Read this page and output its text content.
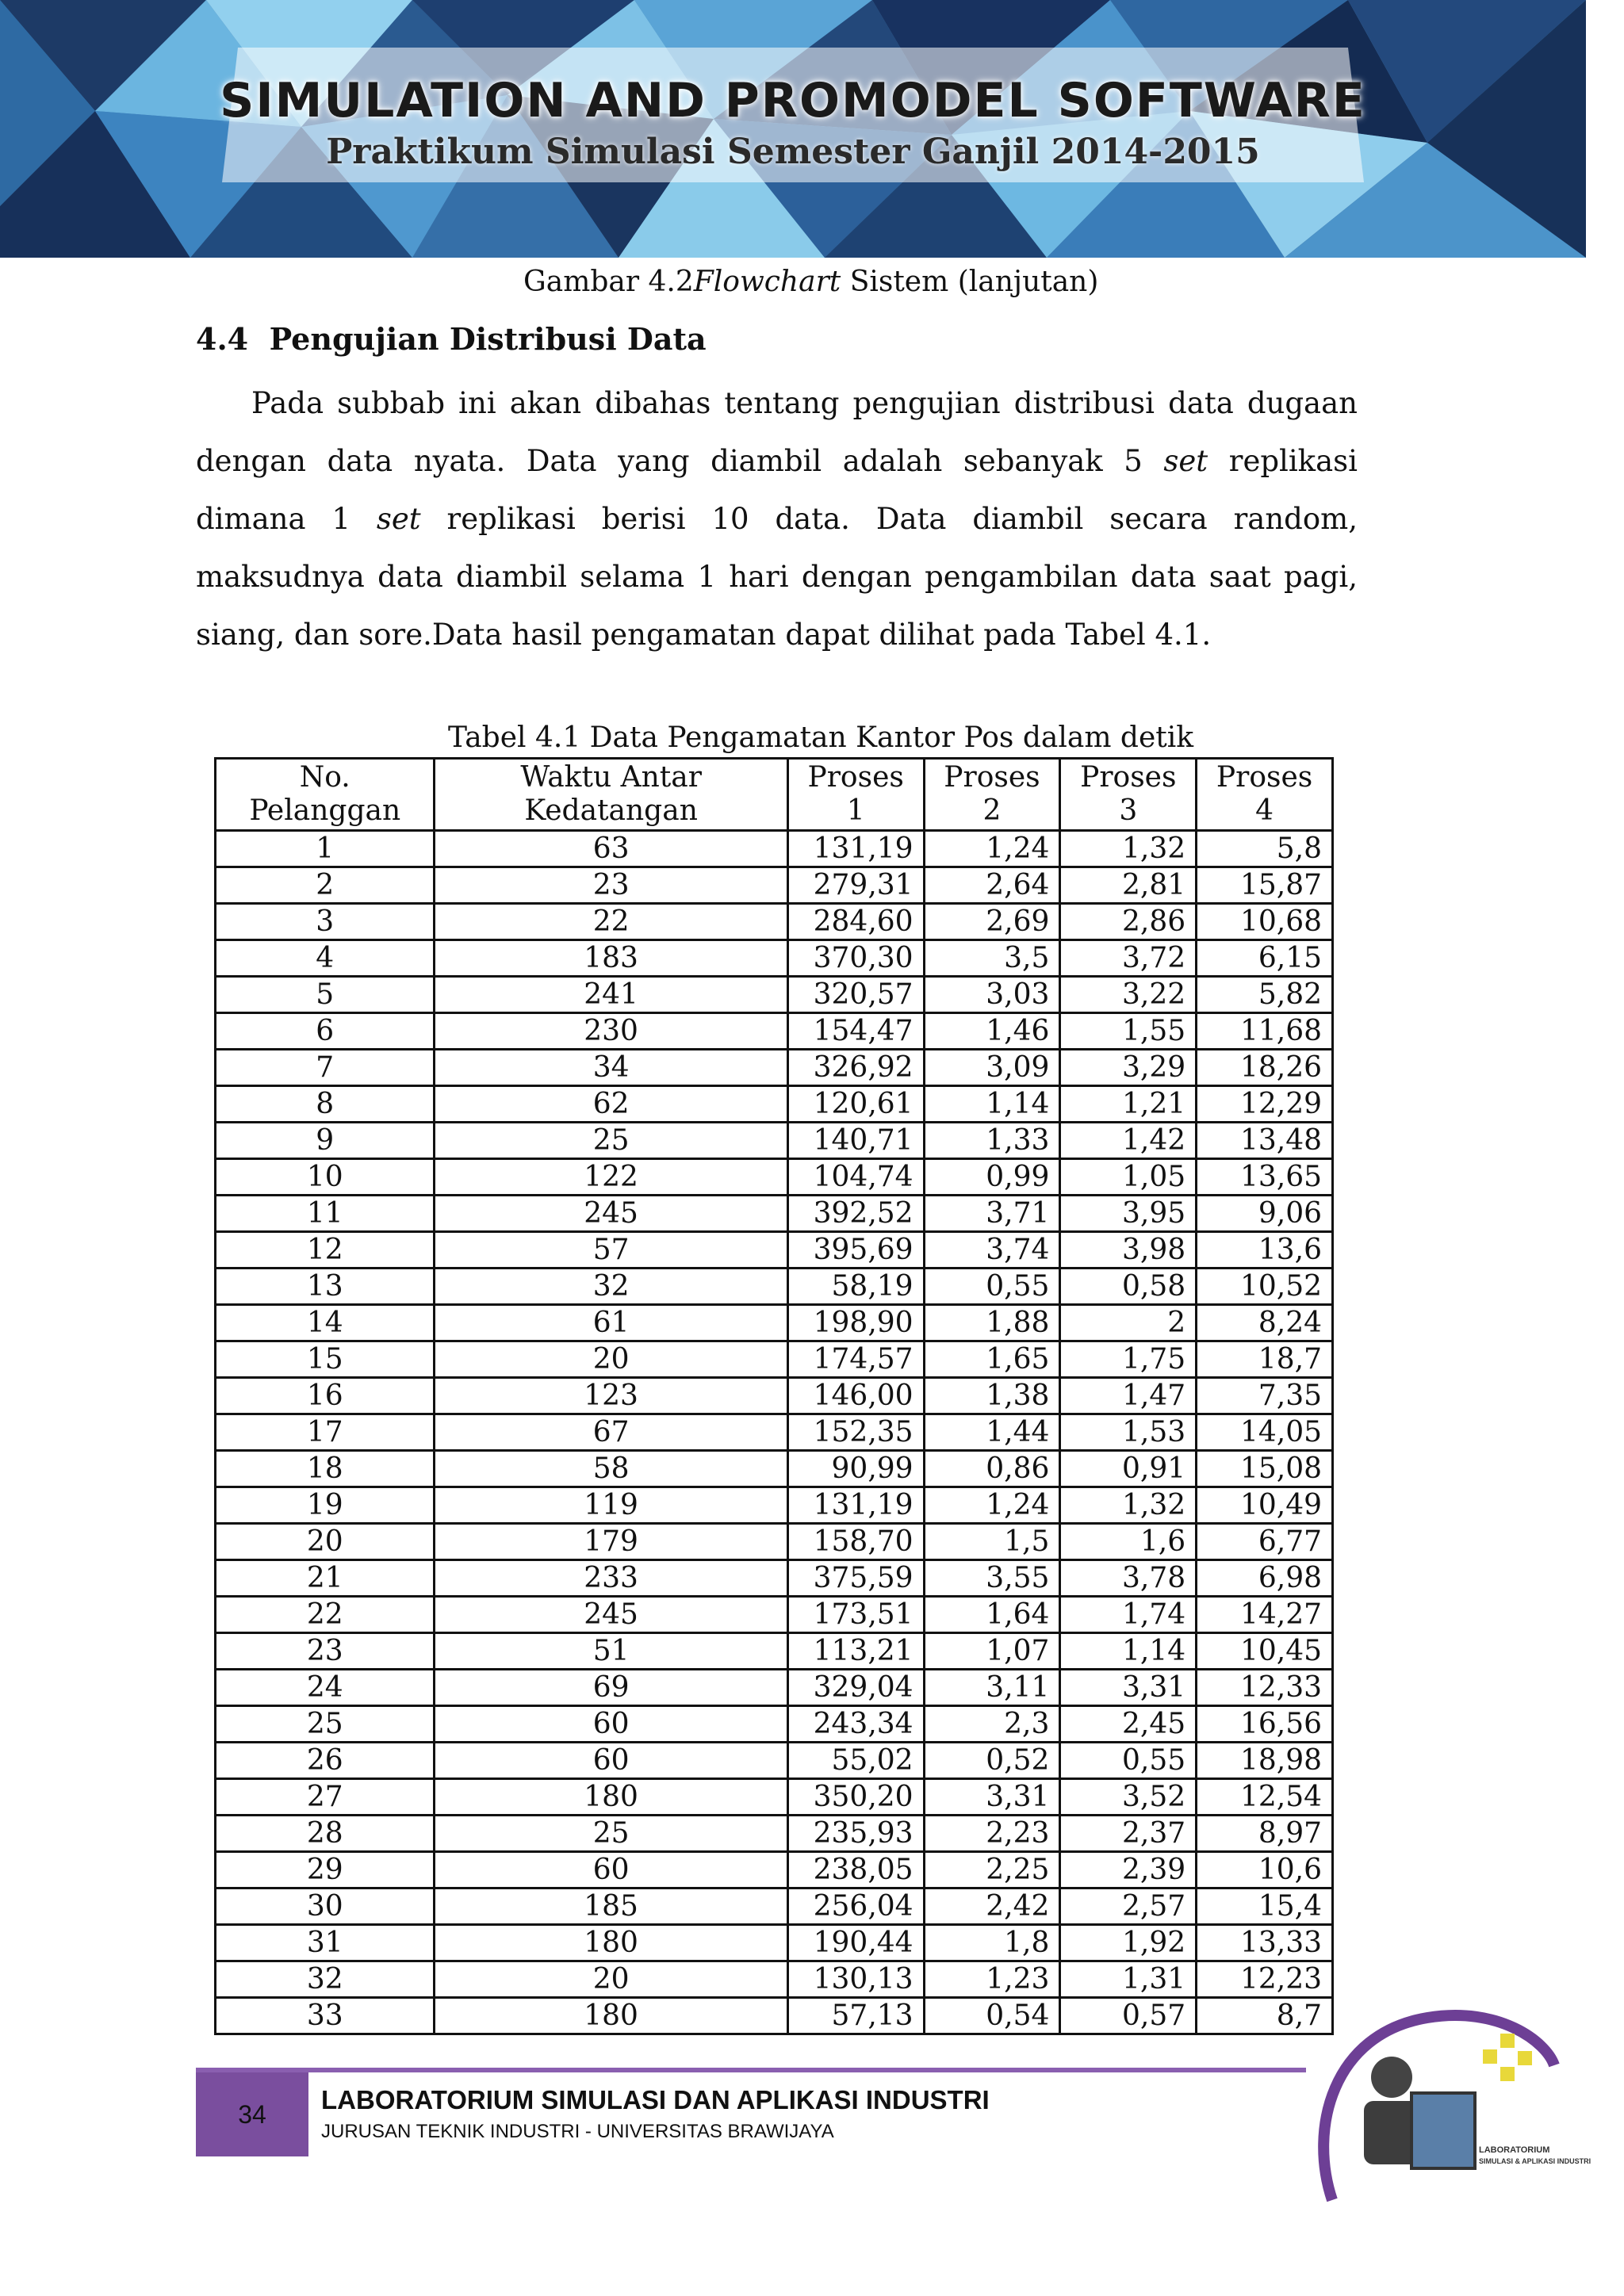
SIMULATION AND PROMODEL SOFTWARE
Praktikum Simulasi Semester Ganjil 2014-2015
Gambar 4.2Flowchart Sistem (lanjutan)
4.4 Pengujian Distribusi Data
Pada subbab ini akan dibahas tentang pengujian distribusi data dugaan dengan data nyata. Data yang diambil adalah sebanyak 5 set replikasi dimana 1 set replikasi berisi 10 data. Data diambil secara random, maksudnya data diambil selama 1 hari dengan pengambilan data saat pagi, siang, dan sore.Data hasil pengamatan dapat dilihat pada Tabel 4.1.
Tabel 4.1 Data Pengamatan Kantor Pos dalam detik
No. Pelanggan	Waktu Antar Kedatangan	Proses 1	Proses 2	Proses 3	Proses 4
1	63	131,19	1,24	1,32	5,8
2	23	279,31	2,64	2,81	15,87
3	22	284,60	2,69	2,86	10,68
4	183	370,30	3,5	3,72	6,15
5	241	320,57	3,03	3,22	5,82
6	230	154,47	1,46	1,55	11,68
7	34	326,92	3,09	3,29	18,26
8	62	120,61	1,14	1,21	12,29
9	25	140,71	1,33	1,42	13,48
10	122	104,74	0,99	1,05	13,65
11	245	392,52	3,71	3,95	9,06
12	57	395,69	3,74	3,98	13,6
13	32	58,19	0,55	0,58	10,52
14	61	198,90	1,88	2	8,24
15	20	174,57	1,65	1,75	18,7
16	123	146,00	1,38	1,47	7,35
17	67	152,35	1,44	1,53	14,05
18	58	90,99	0,86	0,91	15,08
19	119	131,19	1,24	1,32	10,49
20	179	158,70	1,5	1,6	6,77
21	233	375,59	3,55	3,78	6,98
22	245	173,51	1,64	1,74	14,27
23	51	113,21	1,07	1,14	10,45
24	69	329,04	3,11	3,31	12,33
25	60	243,34	2,3	2,45	16,56
26	60	55,02	0,52	0,55	18,98
27	180	350,20	3,31	3,52	12,54
28	25	235,93	2,23	2,37	8,97
29	60	238,05	2,25	2,39	10,6
30	185	256,04	2,42	2,57	15,4
31	180	190,44	1,8	1,92	13,33
32	20	130,13	1,23	1,31	12,23
33	180	57,13	0,54	0,57	8,7
34	LABORATORIUM SIMULASI DAN APLIKASI INDUSTRI
JURUSAN TEKNIK INDUSTRI - UNIVERSITAS BRAWIJAYA
LABORATORIUM
SIMULASI & APLIKASI INDUSTRI
